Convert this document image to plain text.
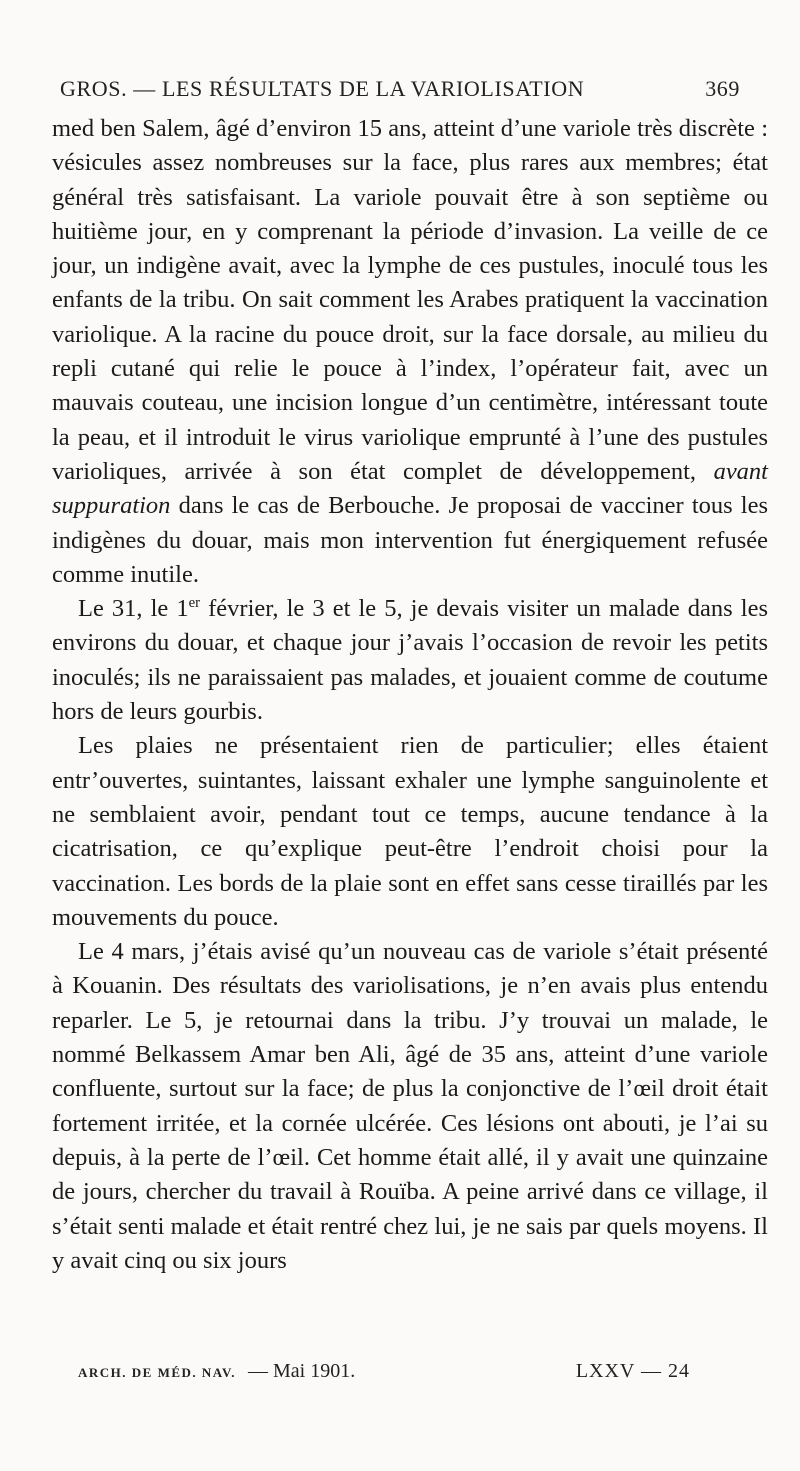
GROS. — LES RÉSULTATS DE LA VARIOLISATION	369

med ben Salem, âgé d’environ 15 ans, atteint d’une variole très discrète : vésicules assez nombreuses sur la face, plus rares aux membres; état général très satisfaisant. La variole pouvait être à son septième ou huitième jour, en y comprenant la période d’invasion. La veille de ce jour, un indigène avait, avec la lymphe de ces pustules, inoculé tous les enfants de la tribu. On sait comment les Arabes pratiquent la vaccination variolique. A la racine du pouce droit, sur la face dorsale, au milieu du repli cutané qui relie le pouce à l’index, l’opérateur fait, avec un mauvais couteau, une incision longue d’un centimètre, intéressant toute la peau, et il introduit le virus variolique emprunté à l’une des pustules varioliques, arrivée à son état complet de développement, avant suppuration dans le cas de Berbouche. Je proposai de vacciner tous les indigènes du douar, mais mon intervention fut énergiquement refusée comme inutile.

Le 31, le 1er février, le 3 et le 5, je devais visiter un malade dans les environs du douar, et chaque jour j’avais l’occasion de revoir les petits inoculés; ils ne paraissaient pas malades, et jouaient comme de coutume hors de leurs gourbis.

Les plaies ne présentaient rien de particulier; elles étaient entr’ouvertes, suintantes, laissant exhaler une lymphe sanguinolente et ne semblaient avoir, pendant tout ce temps, aucune tendance à la cicatrisation, ce qu’explique peut-être l’endroit choisi pour la vaccination. Les bords de la plaie sont en effet sans cesse tiraillés par les mouvements du pouce.

Le 4 mars, j’étais avisé qu’un nouveau cas de variole s’était présenté à Kouanin. Des résultats des variolisations, je n’en avais plus entendu reparler. Le 5, je retournai dans la tribu. J’y trouvai un malade, le nommé Belkassem Amar ben Ali, âgé de 35 ans, atteint d’une variole confluente, surtout sur la face; de plus la conjonctive de l’œil droit était fortement irritée, et la cornée ulcérée. Ces lésions ont abouti, je l’ai su depuis, à la perte de l’œil. Cet homme était allé, il y avait une quinzaine de jours, chercher du travail à Rouïba. A peine arrivé dans ce village, il s’était senti malade et était rentré chez lui, je ne sais par quels moyens. Il y avait cinq ou six jours

ARCH. DE MÉD. NAV. — Mai 1901.	LXXV — 24
